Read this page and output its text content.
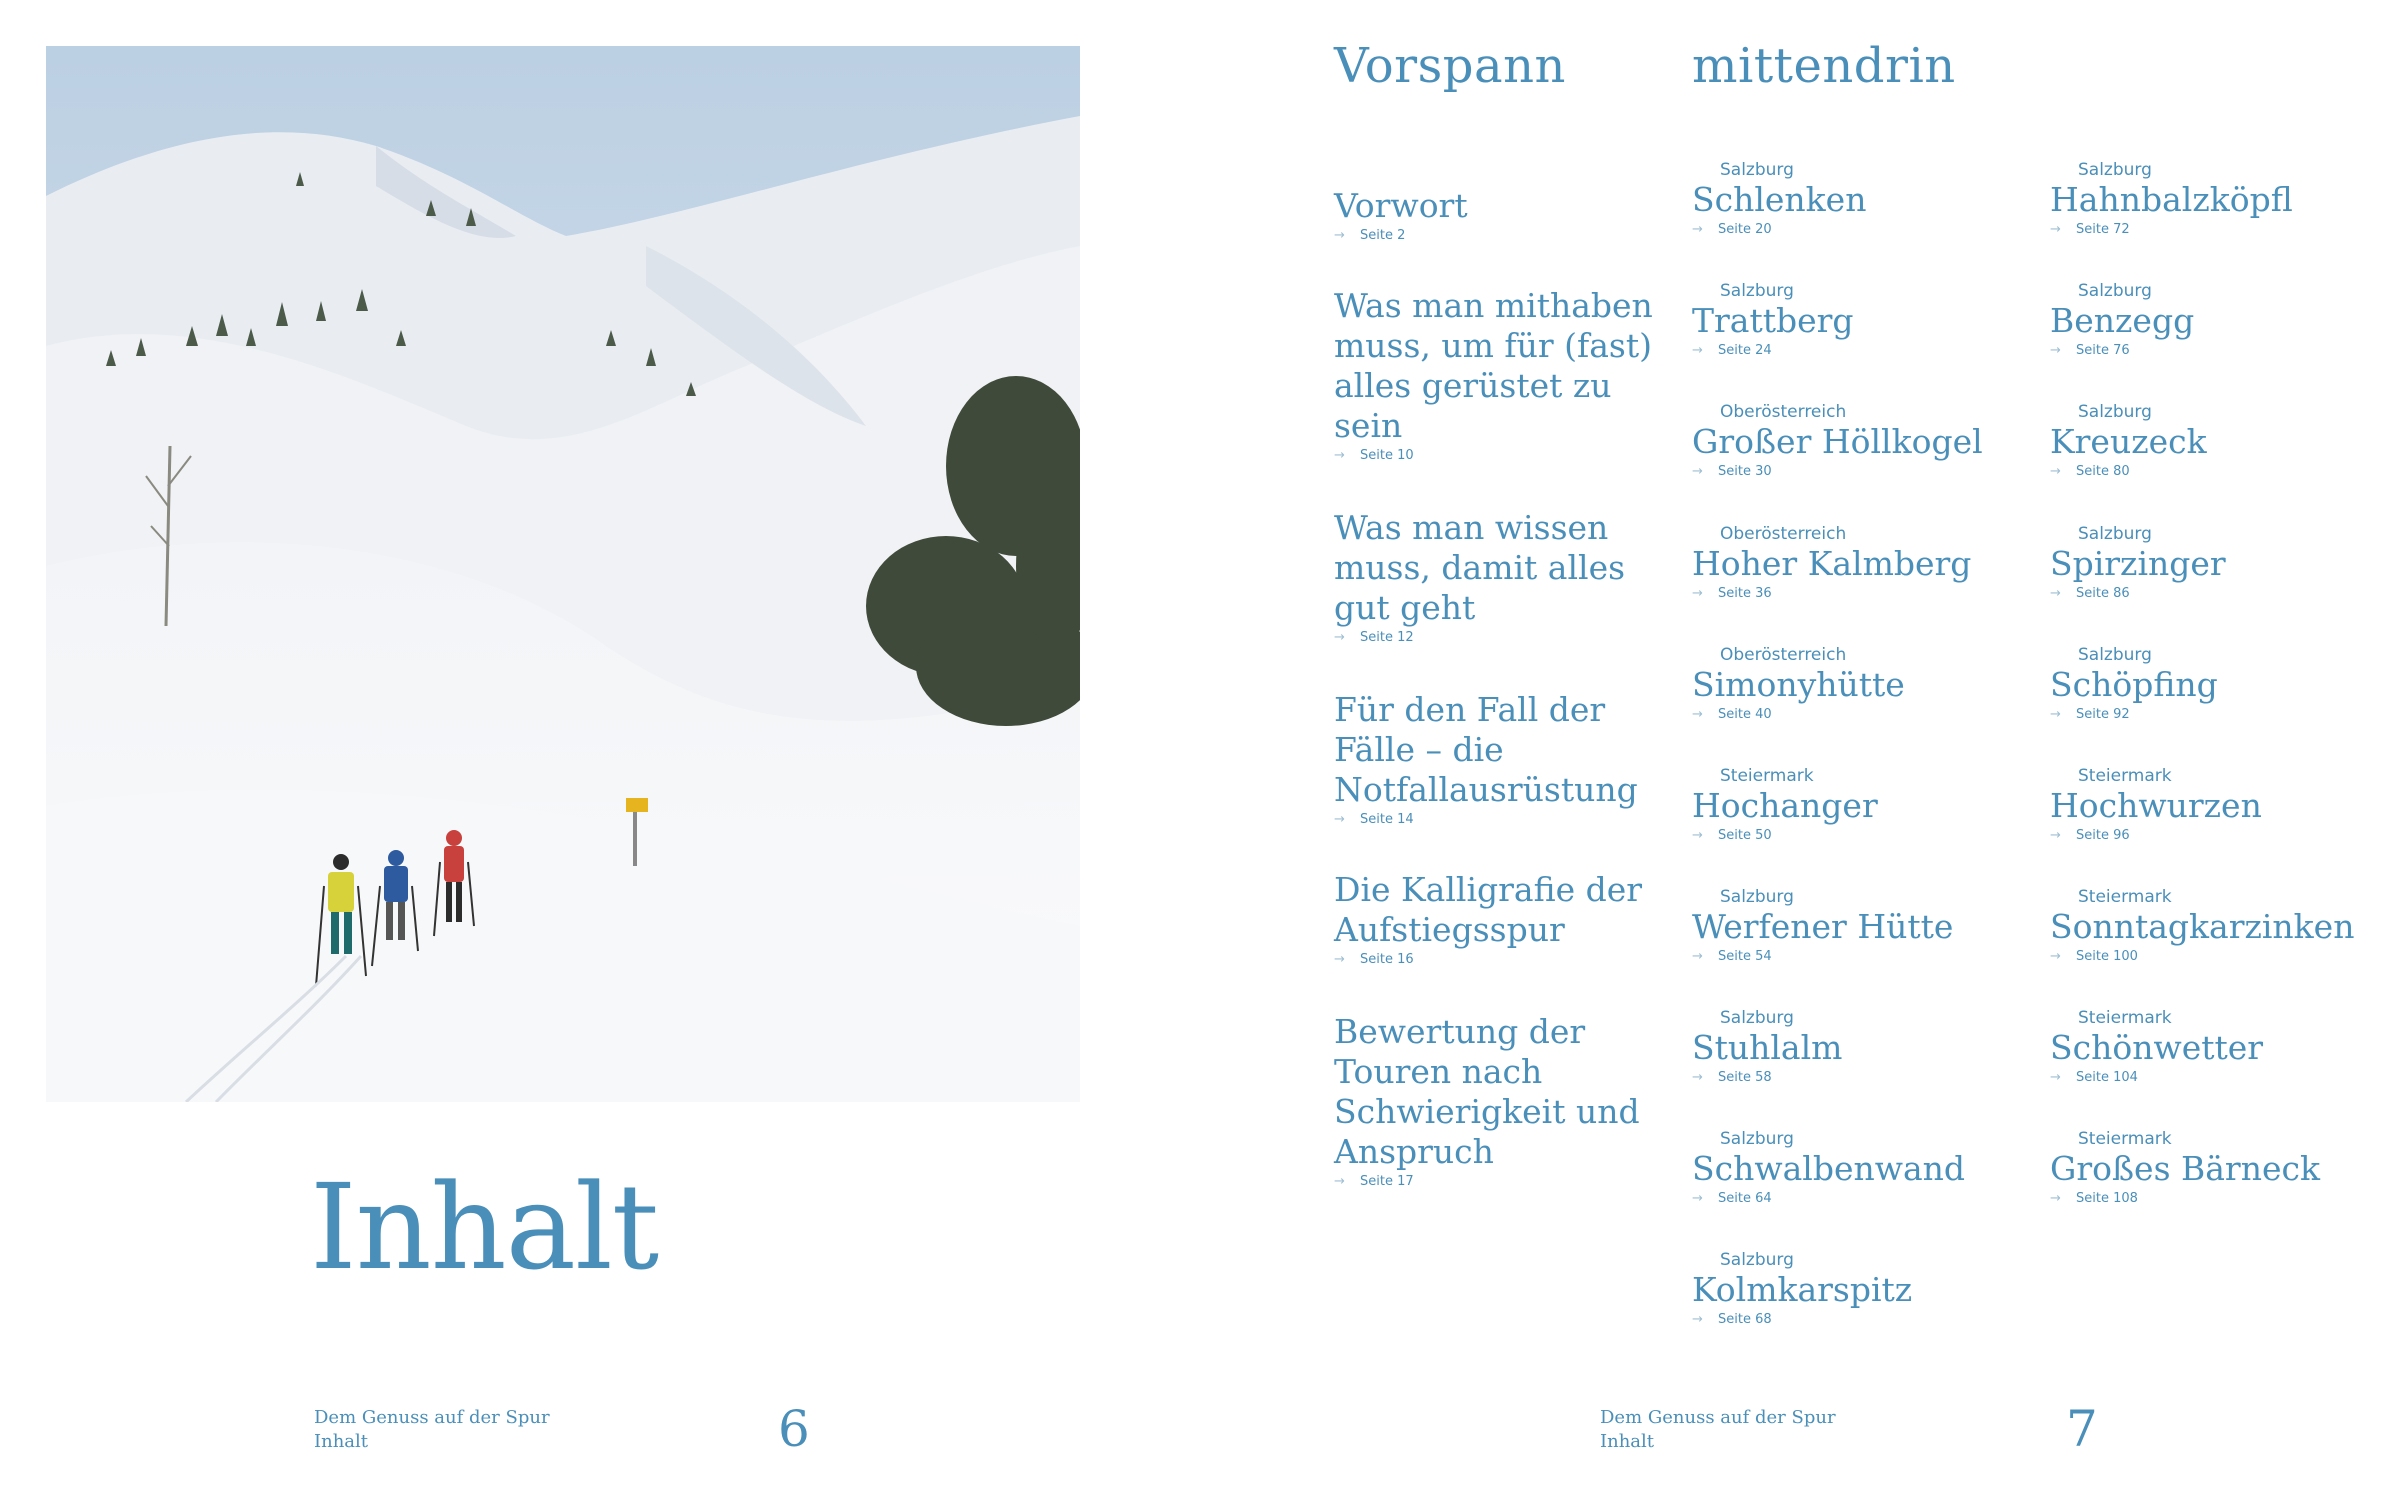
Inhalt
Dem Genuss auf der Spur
Inhalt	6
Vorspann	mittendrin
Vorwort
→ Seite 2
Was man mithaben muss, um für (fast) alles gerüstet zu sein
→ Seite 10
Was man wissen muss, damit alles gut geht
→ Seite 12
Für den Fall der Fälle – die Notfallausrüstung
→ Seite 14
Die Kalligrafie der Aufstiegsspur
→ Seite 16
Bewertung der Touren nach Schwierigkeit und Anspruch
→ Seite 17
Salzburg
Schlenken
→ Seite 20
Salzburg
Trattberg
→ Seite 24
Oberösterreich
Großer Höllkogel
→ Seite 30
Oberösterreich
Hoher Kalmberg
→ Seite 36
Oberösterreich
Simonyhütte
→ Seite 40
Steiermark
Hochanger
→ Seite 50
Salzburg
Werfener Hütte
→ Seite 54
Salzburg
Stuhlalm
→ Seite 58
Salzburg
Schwalbenwand
→ Seite 64
Salzburg
Kolmkarspitz
→ Seite 68
Salzburg
Hahnbalzköpfl
→ Seite 72
Salzburg
Benzegg
→ Seite 76
Salzburg
Kreuzeck
→ Seite 80
Salzburg
Spirzinger
→ Seite 86
Salzburg
Schöpfing
→ Seite 92
Steiermark
Hochwurzen
→ Seite 96
Steiermark
Sonntagkarzinken
→ Seite 100
Steiermark
Schönwetter
→ Seite 104
Steiermark
Großes Bärneck
→ Seite 108
Dem Genuss auf der Spur
Inhalt	7
